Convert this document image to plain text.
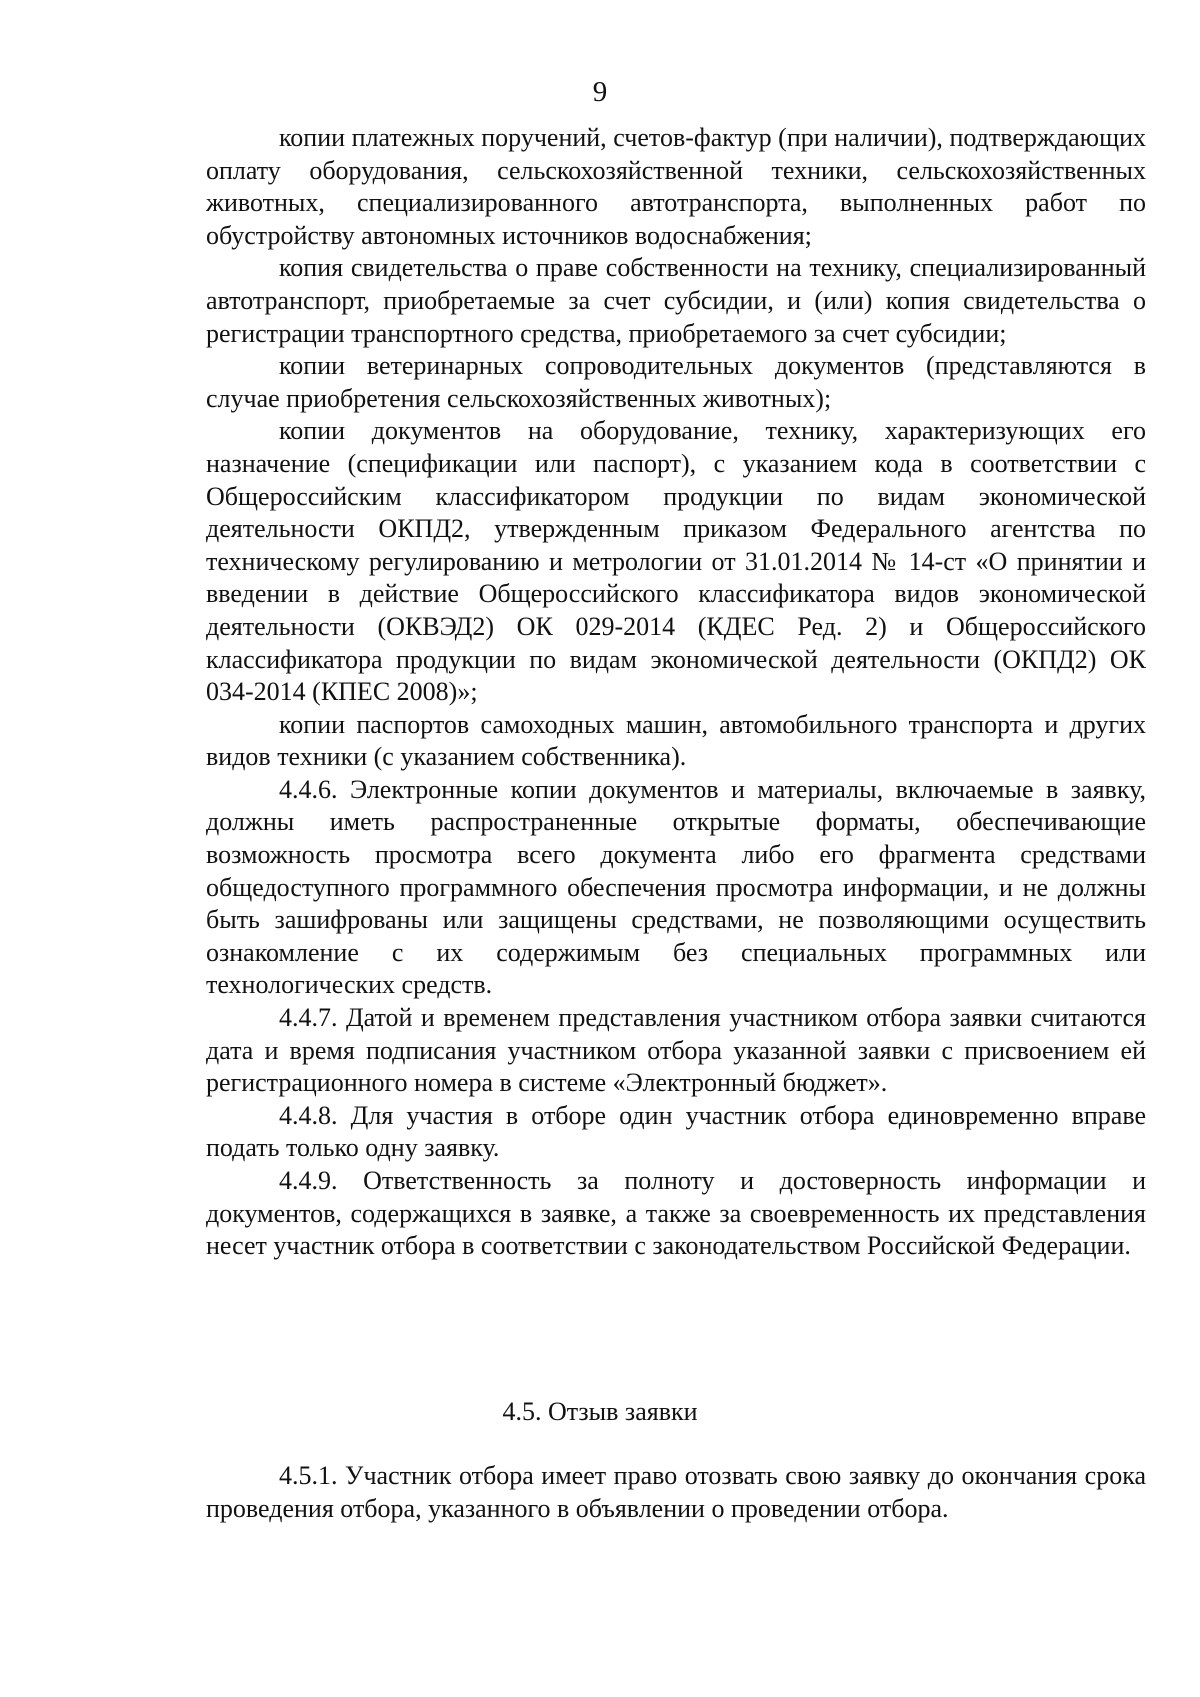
9

копии платежных поручений, счетов-фактур (при наличии), подтверждающих оплату оборудования, сельскохозяйственной техники, сельскохозяйственных животных, специализированного автотранспорта, выполненных работ по обустройству автономных источников водоснабжения;

копия свидетельства о праве собственности на технику, специализированный автотранспорт, приобретаемые за счет субсидии, и (или) копия свидетельства о регистрации транспортного средства, приобретаемого за счет субсидии;

копии ветеринарных сопроводительных документов (представляются в случае приобретения сельскохозяйственных животных);

копии документов на оборудование, технику, характеризующих его назначение (спецификации или паспорт), с указанием кода в соответствии с Общероссийским классификатором продукции по видам экономической деятельности ОКПД2, утвержденным приказом Федерального агентства по техническому регулированию и метрологии от 31.01.2014 № 14-ст «О принятии и введении в действие Общероссийского классификатора видов экономической деятельности (ОКВЭД2) ОК 029-2014 (КДЕС Ред. 2) и Общероссийского классификатора продукции по видам экономической деятельности (ОКПД2) ОК 034-2014 (КПЕС 2008)»;

копии паспортов самоходных машин, автомобильного транспорта и других видов техники (с указанием собственника).

4.4.6. Электронные копии документов и материалы, включаемые в заявку, должны иметь распространенные открытые форматы, обеспечивающие возможность просмотра всего документа либо его фрагмента средствами общедоступного программного обеспечения просмотра информации, и не должны быть зашифрованы или защищены средствами, не позволяющими осуществить ознакомление с их содержимым без специальных программных или технологических средств.

4.4.7. Датой и временем представления участником отбора заявки считаются дата и время подписания участником отбора указанной заявки с присвоением ей регистрационного номера в системе «Электронный бюджет».

4.4.8. Для участия в отборе один участник отбора единовременно вправе подать только одну заявку.

4.4.9. Ответственность за полноту и достоверность информации и документов, содержащихся в заявке, а также за своевременность их представления несет участник отбора в соответствии с законодательством Российской Федерации.

4.5. Отзыв заявки

4.5.1. Участник отбора имеет право отозвать свою заявку до окончания срока проведения отбора, указанного в объявлении о проведении отбора.
